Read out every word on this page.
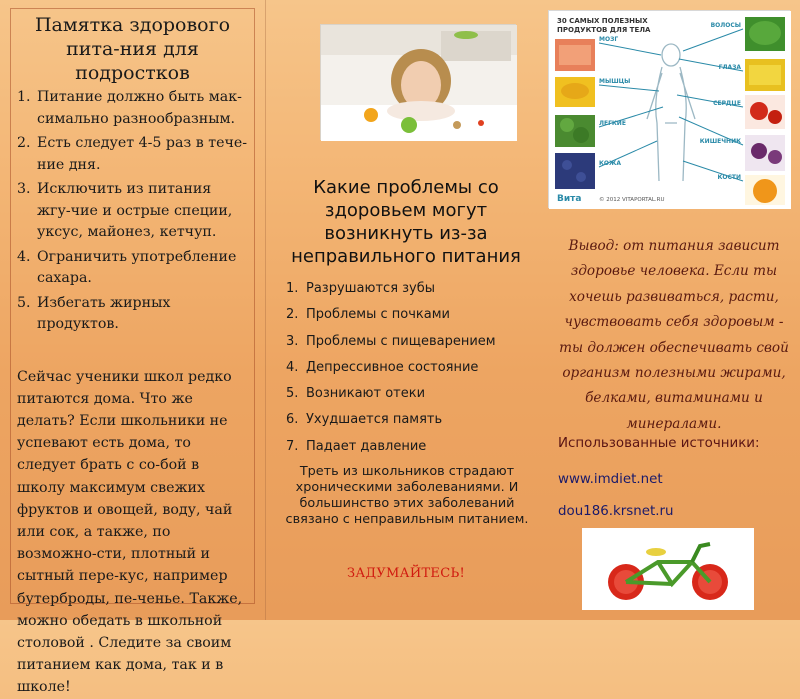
Памятка здорового пита-ния для подростков
1. Питание должно быть мак-симально разнообразным.
2. Есть следует 4-5 раз в тече-ние дня.
3. Исключить из питания жгу-чие и острые специи, уксус, майонез, кетчуп.
4. Ограничить употребление сахара.
5. Избегать жирных продуктов.
Сейчас ученики школ редко питаются дома. Что же делать? Если школьники не успевают есть дома, то следует брать с со-бой в школу максимум свежих фруктов и овощей, воду, чай или сок, а также, по возможно-сти, плотный и сытный пере-кус, например бутерброды, пе-ченье. Также, можно обедать в школьной столовой . Следите за своим питанием как дома, так и в школе!
Какие проблемы со здоровьем могут возникнуть из-за неправильного питания
1. Разрушаются зубы
2. Проблемы с почками
3. Проблемы с пищеварением
4. Депрессивное состояние
5. Возникают отеки
6. Ухудшается память
7. Падает давление
Треть из школьников страдают хроническими заболеваниями. И большинство этих заболеваний связано с неправильным питанием.
ЗАДУМАЙТЕСЬ!
30 САМЫХ ПОЛЕЗНЫХ
ПРОДУКТОВ ДЛЯ ТЕЛА
МОЗГ
МЫШЦЫ
ЛЕГКИЕ
КОЖА
ВОЛОСЫ
ГЛАЗА
СЕРДЦЕ
КИШЕЧНИК
КОСТИ
Вита	© 2012 VITAPORTAL.RU
Вывод: от питания зависит здоровье человека. Если ты хочешь развиваться, расти, чувствовать себя здоровым - ты должен обеспечивать свой организм полезными жирами, белками, витаминами и минералами.
Использованные источники:
www.imdiet.net
dou186.krsnet.ru
